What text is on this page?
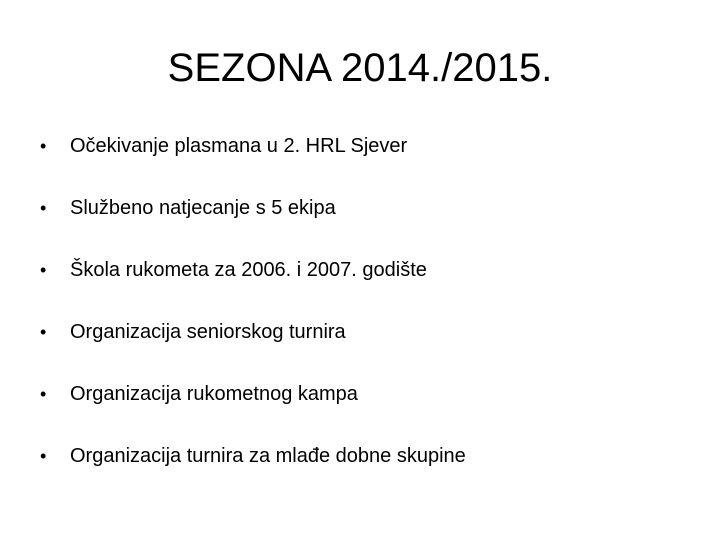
SEZONA 2014./2015.
•	Očekivanje plasmana u 2. HRL Sjever
•	Službeno natjecanje s 5 ekipa
•	Škola rukometa za 2006. i 2007. godište
•	Organizacija seniorskog turnira
•	Organizacija rukometnog kampa
•	Organizacija turnira za mlađe dobne skupine
